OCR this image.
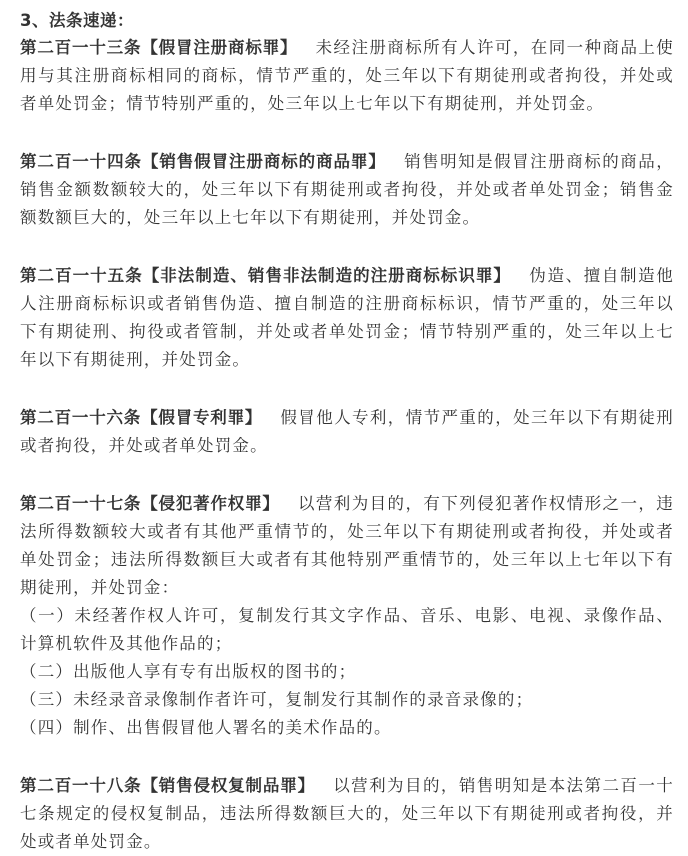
3、法条速递：

第二百一十三条【假冒注册商标罪】 未经注册商标所有人许可，在同一种商品上使用与其注册商标相同的商标，情节严重的，处三年以下有期徒刑或者拘役，并处或者单处罚金；情节特别严重的，处三年以上七年以下有期徒刑，并处罚金。

第二百一十四条【销售假冒注册商标的商品罪】 销售明知是假冒注册商标的商品，销售金额数额较大的，处三年以下有期徒刑或者拘役，并处或者单处罚金；销售金额数额巨大的，处三年以上七年以下有期徒刑，并处罚金。

第二百一十五条【非法制造、销售非法制造的注册商标标识罪】 伪造、擅自制造他人注册商标标识或者销售伪造、擅自制造的注册商标标识，情节严重的，处三年以下有期徒刑、拘役或者管制，并处或者单处罚金；情节特别严重的，处三年以上七年以下有期徒刑，并处罚金。

第二百一十六条【假冒专利罪】 假冒他人专利，情节严重的，处三年以下有期徒刑或者拘役，并处或者单处罚金。

第二百一十七条【侵犯著作权罪】 以营利为目的，有下列侵犯著作权情形之一，违法所得数额较大或者有其他严重情节的，处三年以下有期徒刑或者拘役，并处或者单处罚金；违法所得数额巨大或者有其他特别严重情节的，处三年以上七年以下有期徒刑，并处罚金：
（一）未经著作权人许可，复制发行其文字作品、音乐、电影、电视、录像作品、计算机软件及其他作品的；
（二）出版他人享有专有出版权的图书的；
（三）未经录音录像制作者许可，复制发行其制作的录音录像的；
（四）制作、出售假冒他人署名的美术作品的。

第二百一十八条【销售侵权复制品罪】 以营利为目的，销售明知是本法第二百一十七条规定的侵权复制品，违法所得数额巨大的，处三年以下有期徒刑或者拘役，并处或者单处罚金。
